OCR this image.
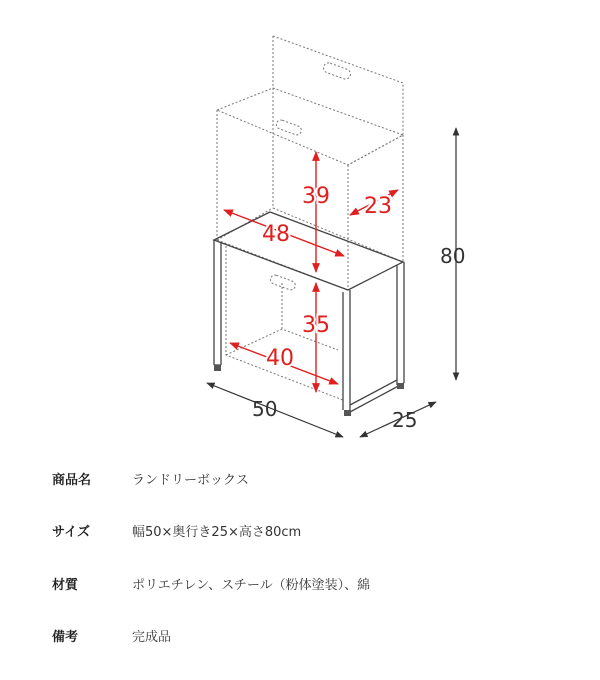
39 23
48
35
40
80
50	25
商品名	ランドリーボックス
サイズ	幅50×奥行き25×高さ80cm
材質	ポリエチレン、スチール（粉体塗装）、綿
備考	完成品
